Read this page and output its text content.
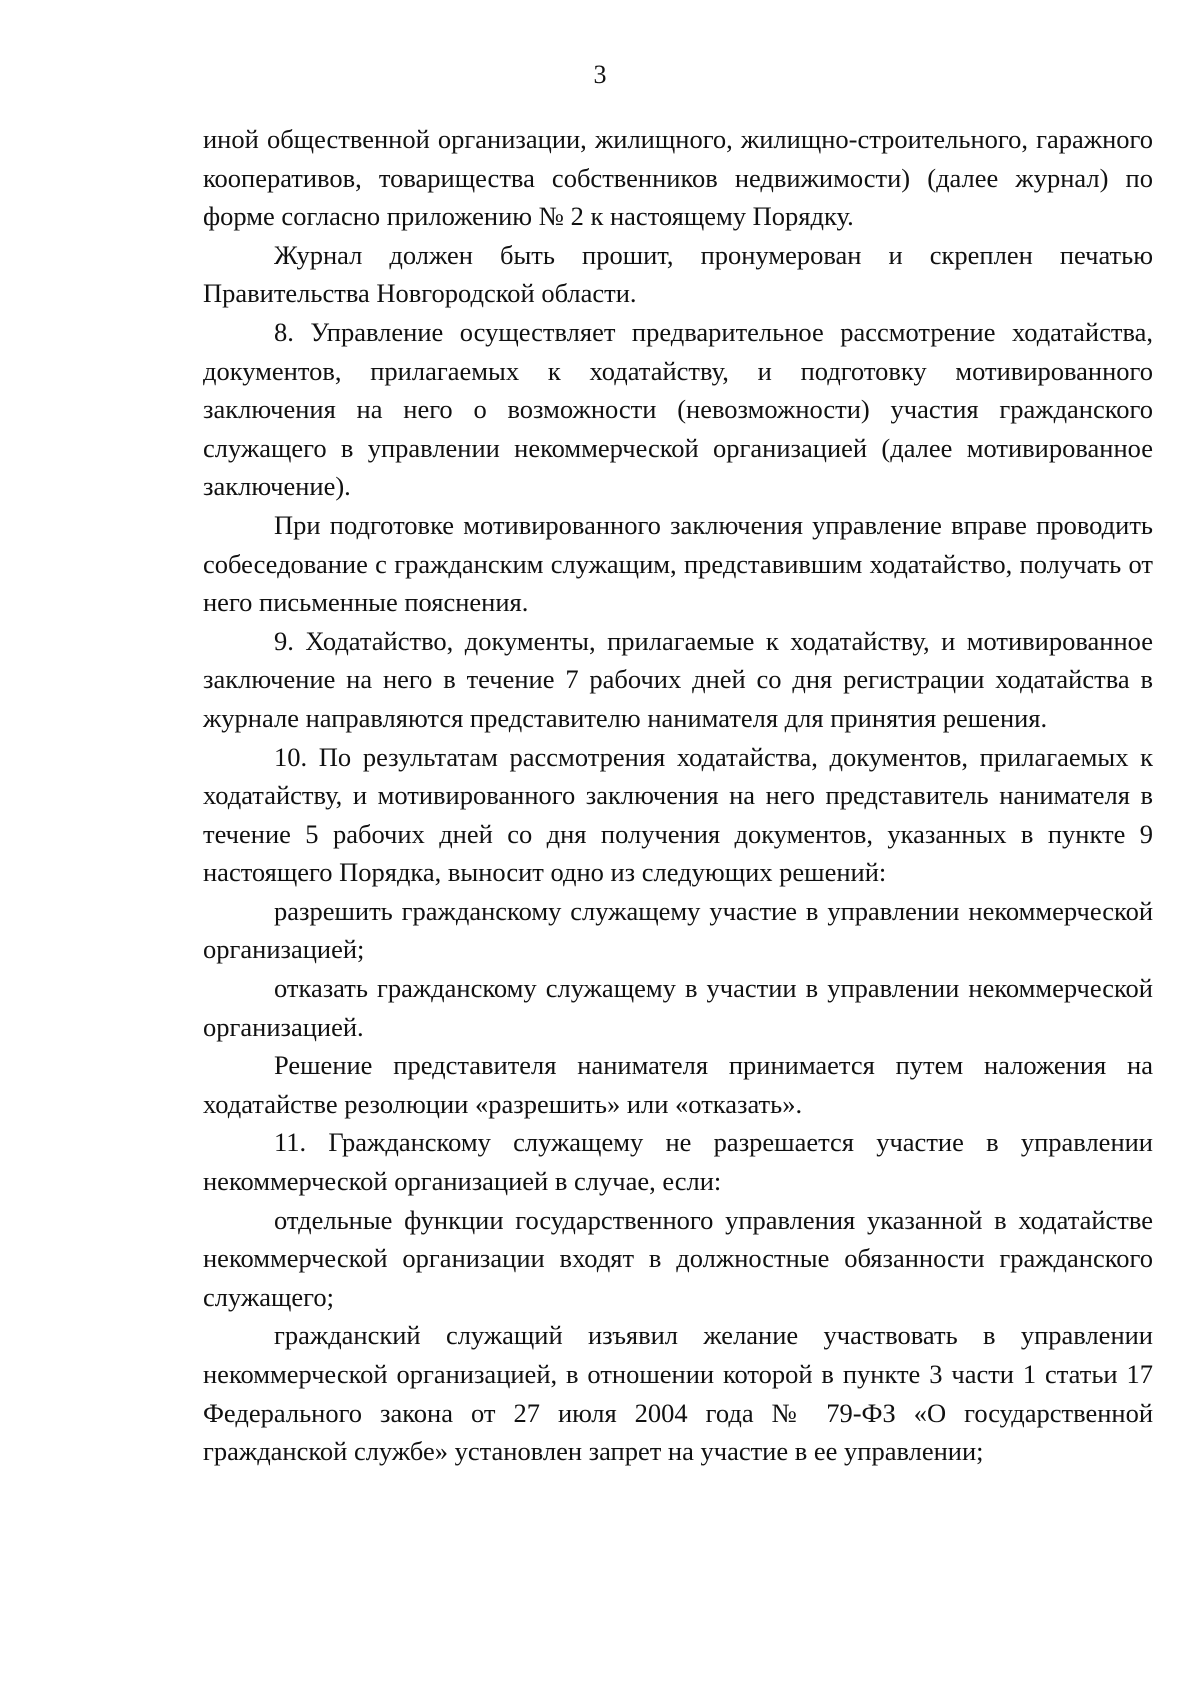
3

иной общественной организации, жилищного, жилищно-строительного, гаражного кооперативов, товарищества собственников недвижимости) (далее журнал) по форме согласно приложению № 2 к настоящему Порядку.

Журнал должен быть прошит, пронумерован и скреплен печатью Правительства Новгородской области.

8. Управление осуществляет предварительное рассмотрение ходатайства, документов, прилагаемых к ходатайству, и подготовку мотивированного заключения на него о возможности (невозможности) участия гражданского служащего в управлении некоммерческой организацией (далее мотивированное заключение).

При подготовке мотивированного заключения управление вправе проводить собеседование с гражданским служащим, представившим ходатайство, получать от него письменные пояснения.

9. Ходатайство, документы, прилагаемые к ходатайству, и мотивированное заключение на него в течение 7 рабочих дней со дня регистрации ходатайства в журнале направляются представителю нанимателя для принятия решения.

10. По результатам рассмотрения ходатайства, документов, прилагаемых к ходатайству, и мотивированного заключения на него представитель нанимателя в течение 5 рабочих дней со дня получения документов, указанных в пункте 9 настоящего Порядка, выносит одно из следующих решений:

разрешить гражданскому служащему участие в управлении некоммерческой организацией;

отказать гражданскому служащему в участии в управлении некоммерческой организацией.

Решение представителя нанимателя принимается путем наложения на ходатайстве резолюции «разрешить» или «отказать».

11. Гражданскому служащему не разрешается участие в управлении некоммерческой организацией в случае, если:

отдельные функции государственного управления указанной в ходатайстве некоммерческой организации входят в должностные обязанности гражданского служащего;

гражданский служащий изъявил желание участвовать в управлении некоммерческой организацией, в отношении которой в пункте 3 части 1 статьи 17 Федерального закона от 27 июля 2004 года № 79-ФЗ «О государственной гражданской службе» установлен запрет на участие в ее управлении;
